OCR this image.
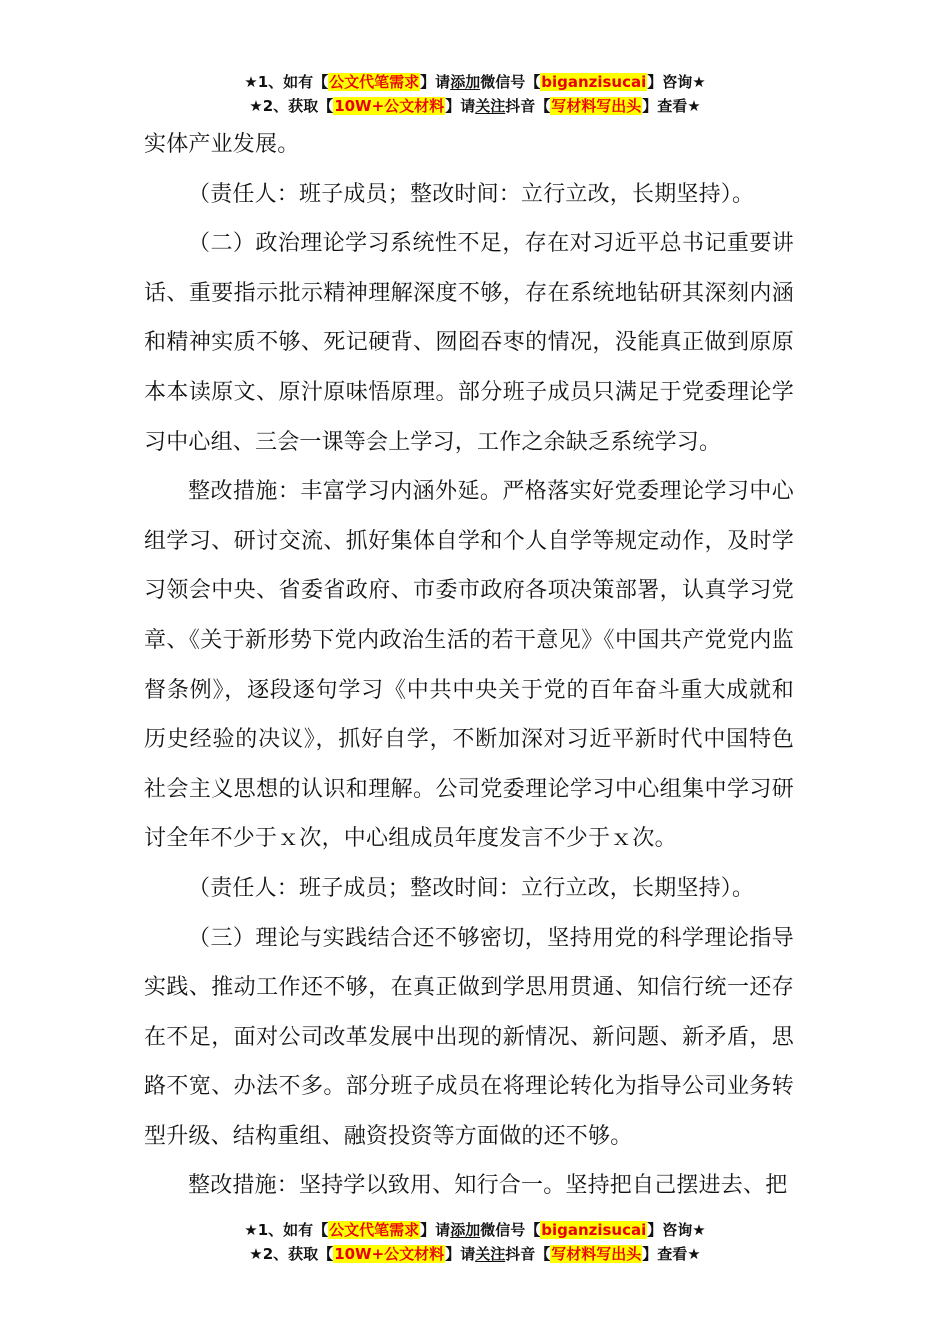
★1、如有【公文代笔需求】请添加微信号【biganzisucai】咨询★
★2、获取【10W+公文材料】请关注抖音【写材料写出头】查看★

实体产业发展。

（责任人：班子成员；整改时间：立行立改，长期坚持）。

（二）政治理论学习系统性不足，存在对习近平总书记重要讲话、重要指示批示精神理解深度不够，存在系统地钻研其深刻内涵和精神实质不够、死记硬背、囫囵吞枣的情况，没能真正做到原原本本读原文、原汁原味悟原理。部分班子成员只满足于党委理论学习中心组、三会一课等会上学习，工作之余缺乏系统学习。

整改措施：丰富学习内涵外延。严格落实好党委理论学习中心组学习、研讨交流、抓好集体自学和个人自学等规定动作，及时学习领会中央、省委省政府、市委市政府各项决策部署，认真学习党章、《关于新形势下党内政治生活的若干意见》《中国共产党党内监督条例》，逐段逐句学习《中共中央关于党的百年奋斗重大成就和历史经验的决议》，抓好自学，不断加深对习近平新时代中国特色社会主义思想的认识和理解。公司党委理论学习中心组集中学习研讨全年不少于ｘ次，中心组成员年度发言不少于ｘ次。

（责任人：班子成员；整改时间：立行立改，长期坚持）。

（三）理论与实践结合还不够密切，坚持用党的科学理论指导实践、推动工作还不够，在真正做到学思用贯通、知信行统一还存在不足，面对公司改革发展中出现的新情况、新问题、新矛盾，思路不宽、办法不多。部分班子成员在将理论转化为指导公司业务转型升级、结构重组、融资投资等方面做的还不够。

整改措施：坚持学以致用、知行合一。坚持把自己摆进去、把

★1、如有【公文代笔需求】请添加微信号【biganzisucai】咨询★
★2、获取【10W+公文材料】请关注抖音【写材料写出头】查看★
